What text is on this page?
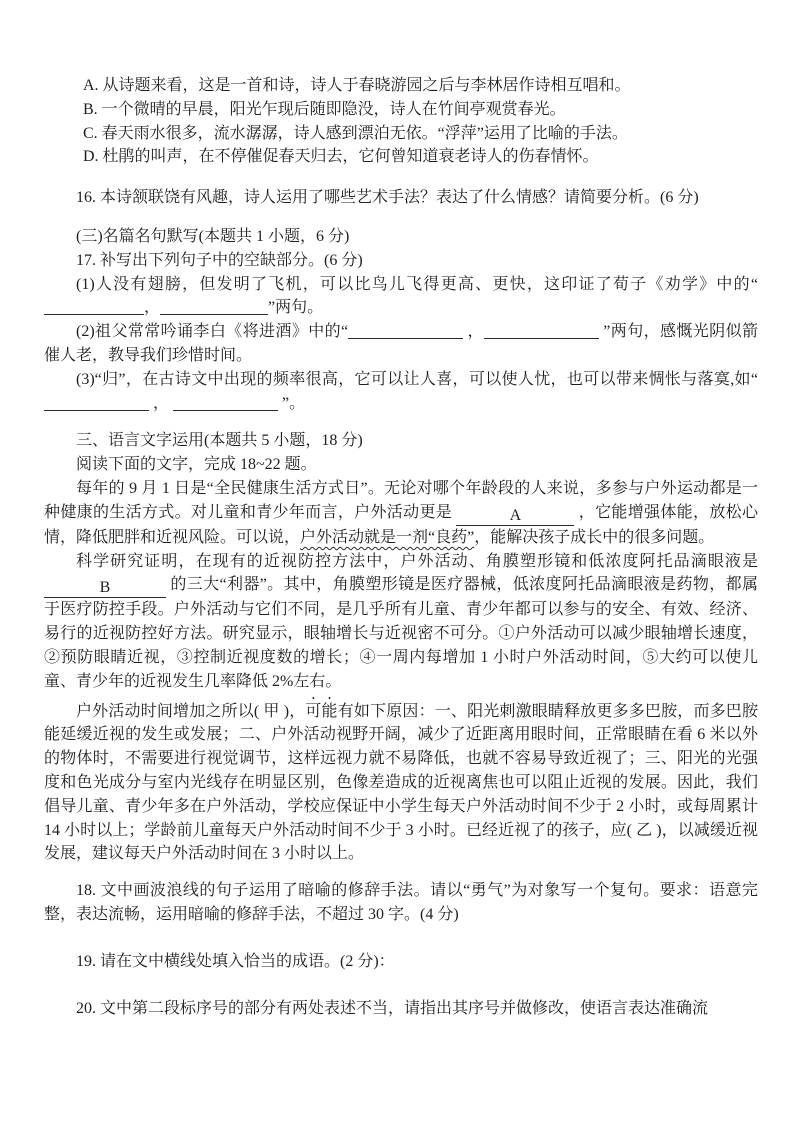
A. 从诗题来看，这是一首和诗，诗人于春晓游园之后与李林居作诗相互唱和。
B. 一个微晴的早晨，阳光乍现后随即隐没，诗人在竹间亭观赏春光。
C. 春天雨水很多，流水潺潺，诗人感到漂泊无依。“浮萍”运用了比喻的手法。
D. 杜鹃的叫声，在不停催促春天归去，它何曾知道衰老诗人的伤春情怀。
16. 本诗颔联饶有风趣，诗人运用了哪些艺术手法？表达了什么情感？请简要分析。(6 分)
(三)名篇名句默写(本题共 1 小题，6 分)
17. 补写出下列句子中的空缺部分。(6 分)
(1)人没有翅膀，但发明了飞机，可以比鸟儿飞得更高、更快，这印证了荀子《劝学》中的“，	”两句。
(2)祖父常常吟诵李白《将进酒》中的“	，	”两句，感慨光阴似箭催人老，教导我们珍惜时间。
(3)“归”，在古诗文中出现的频率很高，它可以让人喜，可以使人忧，也可以带来惆怅与落寞,如“  ，	”。
三、语言文字运用(本题共 5 小题，18 分)
阅读下面的文字，完成 18~22 题。
每年的 9 月 1 日是“全民健康生活方式日”。无论对哪个年龄段的人来说，多参与户外运动都是一种健康的生活方式。对儿童和青少年而言，户外活动更是	A	，它能增强体能，放松心情，降低肥胖和近视风险。可以说，户外活动就是一剂“良药”，能解决孩子成长中的很多问题。
科学研究证明，在现有的近视防控方法中，户外活动、角膜塑形镜和低浓度阿托品滴眼液是 B	的三大“利器”。其中，角膜塑形镜是医疗器械，低浓度阿托品滴眼液是药物，都属于医疗防控手段。户外活动与它们不同，是几乎所有儿童、青少年都可以参与的安全、有效、经济、易行的近视防控好方法。研究显示，眼轴增长与近视密不可分。①户外活动可以减少眼轴增长速度，②预防眼睛近视，③控制近视度数的增长；④一周内每增加 1 小时户外活动时间，⑤大约可以使儿童、青少年的近视发生几率降低 2%左右。
户外活动时间增加之所以( 甲 )，可能有如下原因：一、阳光刺激眼睛释放更多多巴胺，而多巴胺能延缓近视的发生或发展；二、户外活动视野开阔，减少了近距离用眼时间，正常眼睛在看 6 米以外的物体时，不需要进行视觉调节，这样远视力就不易降低，也就不容易导致近视了；三、阳光的光强度和色光成分与室内光线存在明显区别，色像差造成的近视离焦也可以阻止近视的发展。因此，我们倡导儿童、青少年多在户外活动，学校应保证中小学生每天户外活动时间不少于 2 小时，或每周累计 14 小时以上；学龄前儿童每天户外活动时间不少于 3 小时。已经近视了的孩子，应( 乙 )，以减缓近视发展，建议每天户外活动时间在 3 小时以上。
18. 文中画波浪线的句子运用了暗喻的修辞手法。请以“勇气”为对象写一个复句。要求：语意完整，表达流畅，运用暗喻的修辞手法，不超过 30 字。(4 分)
19. 请在文中横线处填入恰当的成语。(2 分)：
20. 文中第二段标序号的部分有两处表述不当，请指出其序号并做修改，使语言表达准确流
